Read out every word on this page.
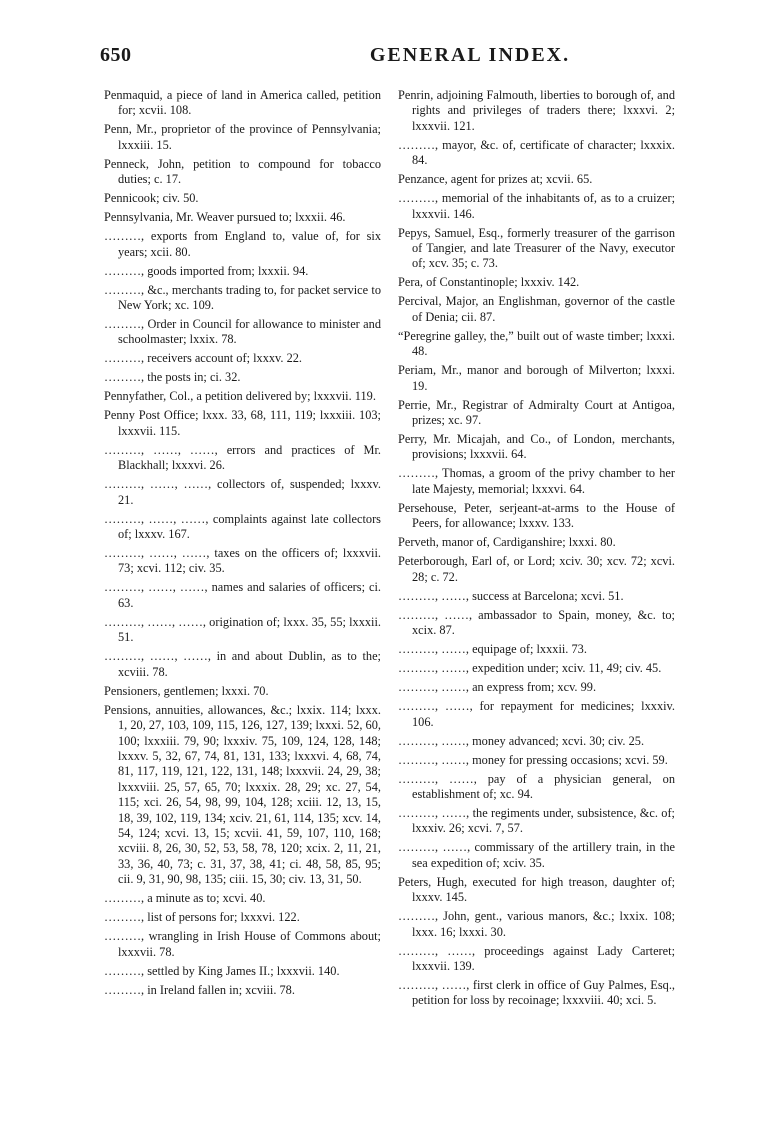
650	GENERAL INDEX.

Penmaquid, a piece of land in America called, petition for; xcvii. 108.

Penn, Mr., proprietor of the province of Pennsylvania; lxxxiii. 15.

Penneck, John, petition to compound for tobacco duties; c. 17.

Pennicook; civ. 50.

Pennsylvania, Mr. Weaver pursued to; lxxxii. 46.

………, exports from England to, value of, for six years; xcii. 80.

………, goods imported from; lxxxii. 94.

………, &c., merchants trading to, for packet service to New York; xc. 109.

………, Order in Council for allowance to minister and schoolmaster; lxxix. 78.

………, receivers account of; lxxxv. 22.

………, the posts in; ci. 32.

Pennyfather, Col., a petition delivered by; lxxxvii. 119.

Penny Post Office; lxxx. 33, 68, 111, 119; lxxxiii. 103; lxxxvii. 115.

………, ……, ……, errors and practices of Mr. Blackhall; lxxxvi. 26.

………, ……, ……, collectors of, suspended; lxxxv. 21.

………, ……, ……, complaints against late collectors of; lxxxv. 167.

………, ……, ……, taxes on the officers of; lxxxvii. 73; xcvi. 112; civ. 35.

………, ……, ……, names and salaries of officers; ci. 63.

………, ……, ……, origination of; lxxx. 35, 55; lxxxii. 51.

………, ……, ……, in and about Dublin, as to the; xcviii. 78.

Pensioners, gentlemen; lxxxi. 70.

Pensions, annuities, allowances, &c.; lxxix. 114; lxxx. 1, 20, 27, 103, 109, 115, 126, 127, 139; lxxxi. 52, 60, 100; lxxxiii. 79, 90; lxxxiv. 75, 109, 124, 128, 148; lxxxv. 5, 32, 67, 74, 81, 131, 133; lxxxvi. 4, 68, 74, 81, 117, 119, 121, 122, 131, 148; lxxxvii. 24, 29, 38; lxxxviii. 25, 57, 65, 70; lxxxix. 28, 29; xc. 27, 54, 115; xci. 26, 54, 98, 99, 104, 128; xciii. 12, 13, 15, 18, 39, 102, 119, 134; xciv. 21, 61, 114, 135; xcv. 14, 54, 124; xcvi. 13, 15; xcvii. 41, 59, 107, 110, 168; xcviii. 8, 26, 30, 52, 53, 58, 78, 120; xcix. 2, 11, 21, 33, 36, 40, 73; c. 31, 37, 38, 41; ci. 48, 58, 85, 95; cii. 9, 31, 90, 98, 135; ciii. 15, 30; civ. 13, 31, 50.

………, a minute as to; xcvi. 40.

………, list of persons for; lxxxvi. 122.

………, wrangling in Irish House of Commons about; lxxxvii. 78.

………, settled by King James II.; lxxxvii. 140.

………, in Ireland fallen in; xcviii. 78.

Penrin, adjoining Falmouth, liberties to borough of, and rights and privileges of traders there; lxxxvi. 2; lxxxvii. 121.

………, mayor, &c. of, certificate of character; lxxxix. 84.

Penzance, agent for prizes at; xcvii. 65.

………, memorial of the inhabitants of, as to a cruizer; lxxxvii. 146.

Pepys, Samuel, Esq., formerly treasurer of the garrison of Tangier, and late Treasurer of the Navy, executor of; xcv. 35; c. 73.

Pera, of Constantinople; lxxxiv. 142.

Percival, Major, an Englishman, governor of the castle of Denia; cii. 87.

“Peregrine galley, the,” built out of waste timber; lxxxi. 48.

Periam, Mr., manor and borough of Milverton; lxxxi. 19.

Perrie, Mr., Registrar of Admiralty Court at Antigoa, prizes; xc. 97.

Perry, Mr. Micajah, and Co., of London, merchants, provisions; lxxxvii. 64.

………, Thomas, a groom of the privy chamber to her late Majesty, memorial; lxxxvi. 64.

Persehouse, Peter, serjeant-at-arms to the House of Peers, for allowance; lxxxv. 133.

Perveth, manor of, Cardiganshire; lxxxi. 80.

Peterborough, Earl of, or Lord; xciv. 30; xcv. 72; xcvi. 28; c. 72.

………, ……, success at Barcelona; xcvi. 51.

………, ……, ambassador to Spain, money, &c. to; xcix. 87.

………, ……, equipage of; lxxxii. 73.

………, ……, expedition under; xciv. 11, 49; civ. 45.

………, ……, an express from; xcv. 99.

………, ……, for repayment for medicines; lxxxiv. 106.

………, ……, money advanced; xcvi. 30; civ. 25.

………, ……, money for pressing occasions; xcvi. 59.

………, ……, pay of a physician general, on establishment of; xc. 94.

………, ……, the regiments under, subsistence, &c. of; lxxxiv. 26; xcvi. 7, 57.

………, ……, commissary of the artillery train, in the sea expedition of; xciv. 35.

Peters, Hugh, executed for high treason, daughter of; lxxxv. 145.

………, John, gent., various manors, &c.; lxxix. 108; lxxx. 16; lxxxi. 30.

………, ……, proceedings against Lady Carteret; lxxxvii. 139.

………, ……, first clerk in office of Guy Palmes, Esq., petition for loss by recoinage; lxxxviii. 40; xci. 5.
